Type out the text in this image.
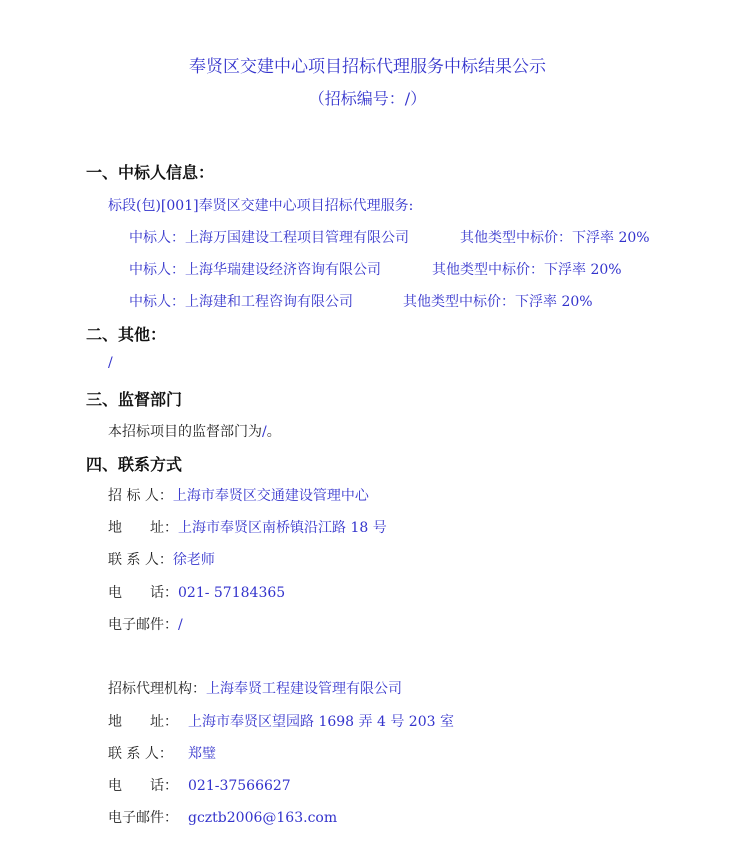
奉贤区交建中心项目招标代理服务中标结果公示
（招标编号：/）
一、中标人信息：
标段(包)[001]奉贤区交建中心项目招标代理服务:
中标人：上海万国建设工程项目管理有限公司	其他类型中标价：下浮率 20%
中标人：上海华瑞建设经济咨询有限公司	其他类型中标价：下浮率 20%
中标人：上海建和工程咨询有限公司	其他类型中标价：下浮率 20%
二、其他：
/
三、监督部门
本招标项目的监督部门为/。
四、联系方式
招 标 人：上海市奉贤区交通建设管理中心
地　　址：上海市奉贤区南桥镇沿江路 18 号
联 系 人：徐老师
电　　话：021- 57184365
电子邮件：/
招标代理机构：上海奉贤工程建设管理有限公司
地　　址： 上海市奉贤区望园路 1698 弄 4 号 203 室
联 系 人： 郑璧
电　　话： 021-37566627
电子邮件： gcztb2006@163.com
